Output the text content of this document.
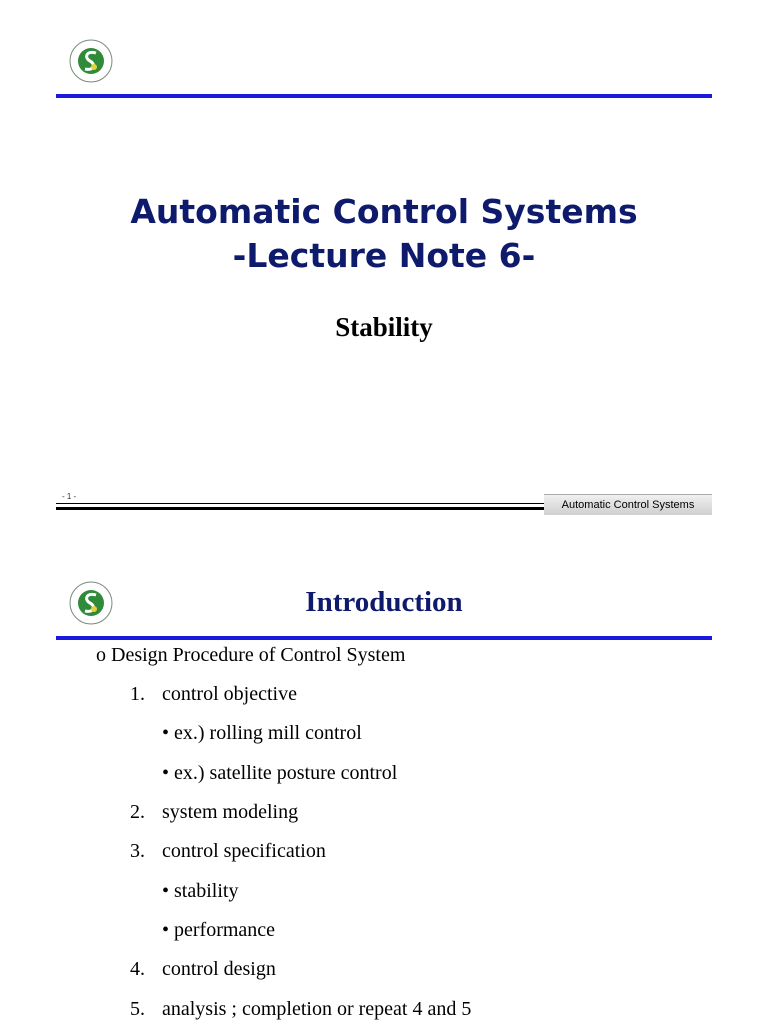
Automatic Control Systems
-Lecture Note 6-
Stability
- 1 -
Automatic Control Systems
Introduction
o Design Procedure of Control System
1. control objective
• ex.) rolling mill control
• ex.) satellite posture control
2. system modeling
3. control specification
• stability
• performance
4. control design
5. analysis ; completion or repeat 4 and 5
